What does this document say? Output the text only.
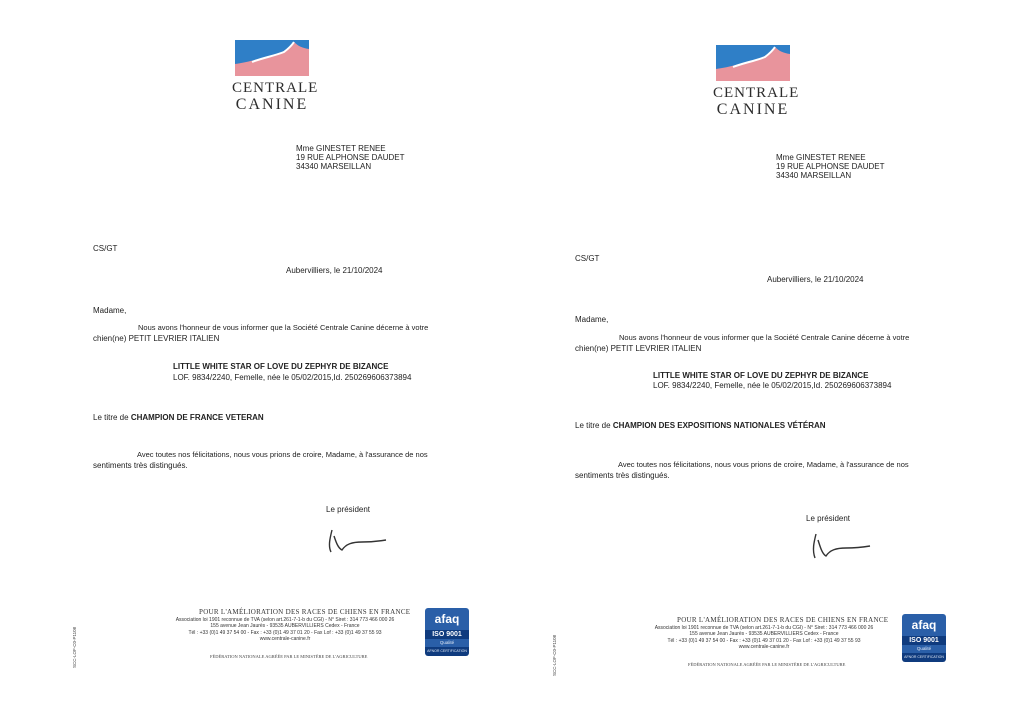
CENTRALE
CANINE
Mme GINESTET RENEE
19 RUE ALPHONSE DAUDET
34340 MARSEILLAN
CS/GT
Aubervilliers, le 21/10/2024
Madame,
Nous avons l'honneur de vous informer que la Société Centrale Canine décerne à votre
chien(ne) PETIT LEVRIER ITALIEN
LITTLE WHITE STAR OF LOVE DU ZEPHYR DE BIZANCE
LOF. 9834/2240, Femelle, née le 05/02/2015,Id. 250269606373894
Le titre de CHAMPION DE FRANCE VETERAN
Avec toutes nos félicitations, nous vous prions de croire, Madame, à l'assurance de nos
sentiments très distingués.
Le président
POUR L'AMÉLIORATION DES RACES DE CHIENS EN FRANCE
Association loi 1901 reconnue de TVA (selon art.261-7-1-b du CGI) - N° Siret : 314 773 466 000 26
155 avenue Jean Jaurès - 93535 AUBERVILLIERS Cedex - France
Tél : +33 (0)1 49 37 54 00 - Fax : +33 (0)1 49 37 01 20 - Fax Lof : +33 (0)1 49 37 55 93
www.centrale-canine.fr
FÉDÉRATION NATIONALE AGRÉÉE PAR LE MINISTÈRE DE L'AGRICULTURE
afaq
ISO 9001
Qualité
AFNOR CERTIFICATION
SCC-LOF-C0-P1108
CENTRALE
CANINE
Mme GINESTET RENEE
19 RUE ALPHONSE DAUDET
34340 MARSEILLAN
CS/GT
Aubervilliers, le 21/10/2024
Madame,
Nous avons l'honneur de vous informer que la Société Centrale Canine décerne à votre
chien(ne) PETIT LEVRIER ITALIEN
LITTLE WHITE STAR OF LOVE DU ZEPHYR DE BIZANCE
LOF. 9834/2240, Femelle, née le 05/02/2015,Id. 250269606373894
Le titre de CHAMPION DES EXPOSITIONS NATIONALES VÉTÉRAN
Avec toutes nos félicitations, nous vous prions de croire, Madame, à l'assurance de nos
sentiments très distingués.
Le président
POUR L'AMÉLIORATION DES RACES DE CHIENS EN FRANCE
Association loi 1901 reconnue de TVA (selon art.261-7-1-b du CGI) - N° Siret : 314 773 466 000 26
155 avenue Jean Jaurès - 93535 AUBERVILLIERS Cedex - France
Tél : +33 (0)1 49 37 54 00 - Fax : +33 (0)1 49 37 01 20 - Fax Lof : +33 (0)1 49 37 55 93
www.centrale-canine.fr
FÉDÉRATION NATIONALE AGRÉÉE PAR LE MINISTÈRE DE L'AGRICULTURE
afaq
ISO 9001
Qualité
AFNOR CERTIFICATION
SCC-LOF-C0-P1108
